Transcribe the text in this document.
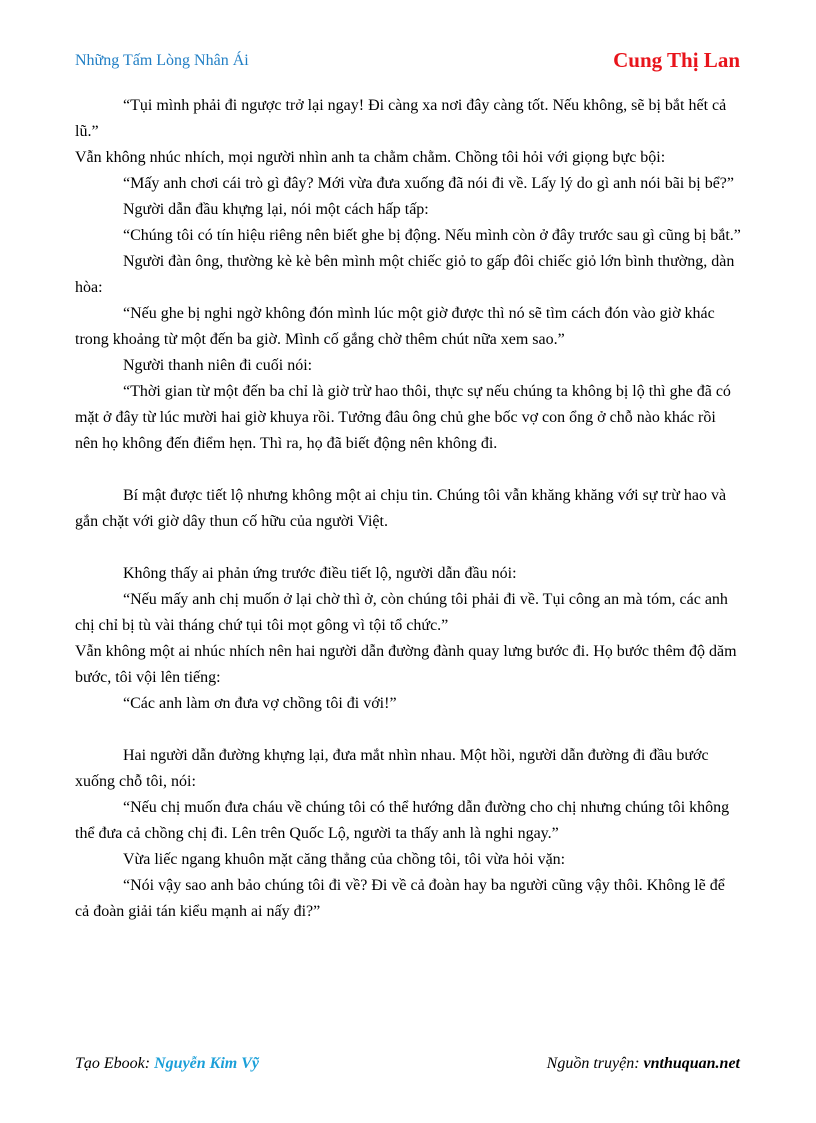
Những Tấm Lòng Nhân Ái	Cung Thị Lan

“Tụi mình phải đi ngược trở lại ngay! Đi càng xa nơi đây càng tốt. Nếu không, sẽ bị bắt hết cả lũ.”

Vẫn không nhúc nhích, mọi người nhìn anh ta chằm chằm. Chồng tôi hỏi với giọng bực bội:

“Mấy anh chơi cái trò gì đây? Mới vừa đưa xuống đã nói đi về. Lấy lý do gì anh nói bãi bị bể?”

Người dẫn đầu khựng lại, nói một cách hấp tấp:

“Chúng tôi có tín hiệu riêng nên biết ghe bị động. Nếu mình còn ở đây trước sau gì cũng bị bắt.”

Người đàn ông, thường kè kè bên mình một chiếc giỏ to gấp đôi chiếc giỏ lớn bình thường, dàn hòa:

“Nếu ghe bị nghi ngờ không đón mình lúc một giờ được thì nó sẽ tìm cách đón vào giờ khác trong khoảng từ một đến ba giờ. Mình cố gắng chờ thêm chút nữa xem sao.”

Người thanh niên đi cuối nói:

“Thời gian từ một đến ba chỉ là giờ trừ hao thôi, thực sự nếu chúng ta không bị lộ thì ghe đã có mặt ở đây từ lúc mười hai giờ khuya rồi. Tưởng đâu ông chủ ghe bốc vợ con ổng ở chỗ nào khác rồi nên họ không đến điểm hẹn. Thì ra, họ đã biết động nên không đi.

Bí mật được tiết lộ nhưng không một ai chịu tin. Chúng tôi vẫn khăng khăng với sự trừ hao và gắn chặt với giờ dây thun cố hữu của người Việt.

Không thấy ai phản ứng trước điều tiết lộ, người dẫn đầu nói:

“Nếu mấy anh chị muốn ở lại chờ thì ở, còn chúng tôi phải đi về. Tụi công an mà tóm, các anh chị chỉ bị tù vài tháng chứ tụi tôi mọt gông vì tội tổ chức.”

Vẫn không một ai nhúc nhích nên hai người dẫn đường đành quay lưng bước đi. Họ bước thêm độ dăm bước, tôi vội lên tiếng:

“Các anh làm ơn đưa vợ chồng tôi đi với!”

Hai người dẫn đường khựng lại, đưa mắt nhìn nhau. Một hồi, người dẫn đường đi đầu bước xuống chỗ tôi, nói:

“Nếu chị muốn đưa cháu về chúng tôi có thể hướng dẫn đường cho chị nhưng chúng tôi không thể đưa cả chồng chị đi. Lên trên Quốc Lộ, người ta thấy anh là nghi ngay.”

Vừa liếc ngang khuôn mặt căng thẳng của chồng tôi, tôi vừa hỏi vặn:

“Nói vậy sao anh bảo chúng tôi đi về? Đi về cả đoàn hay ba người cũng vậy thôi. Không lẽ để cả đoàn giải tán kiểu mạnh ai nấy đi?”

Tạo Ebook: Nguyễn Kim Vỹ	Nguồn truyện: vnthuquan.net
